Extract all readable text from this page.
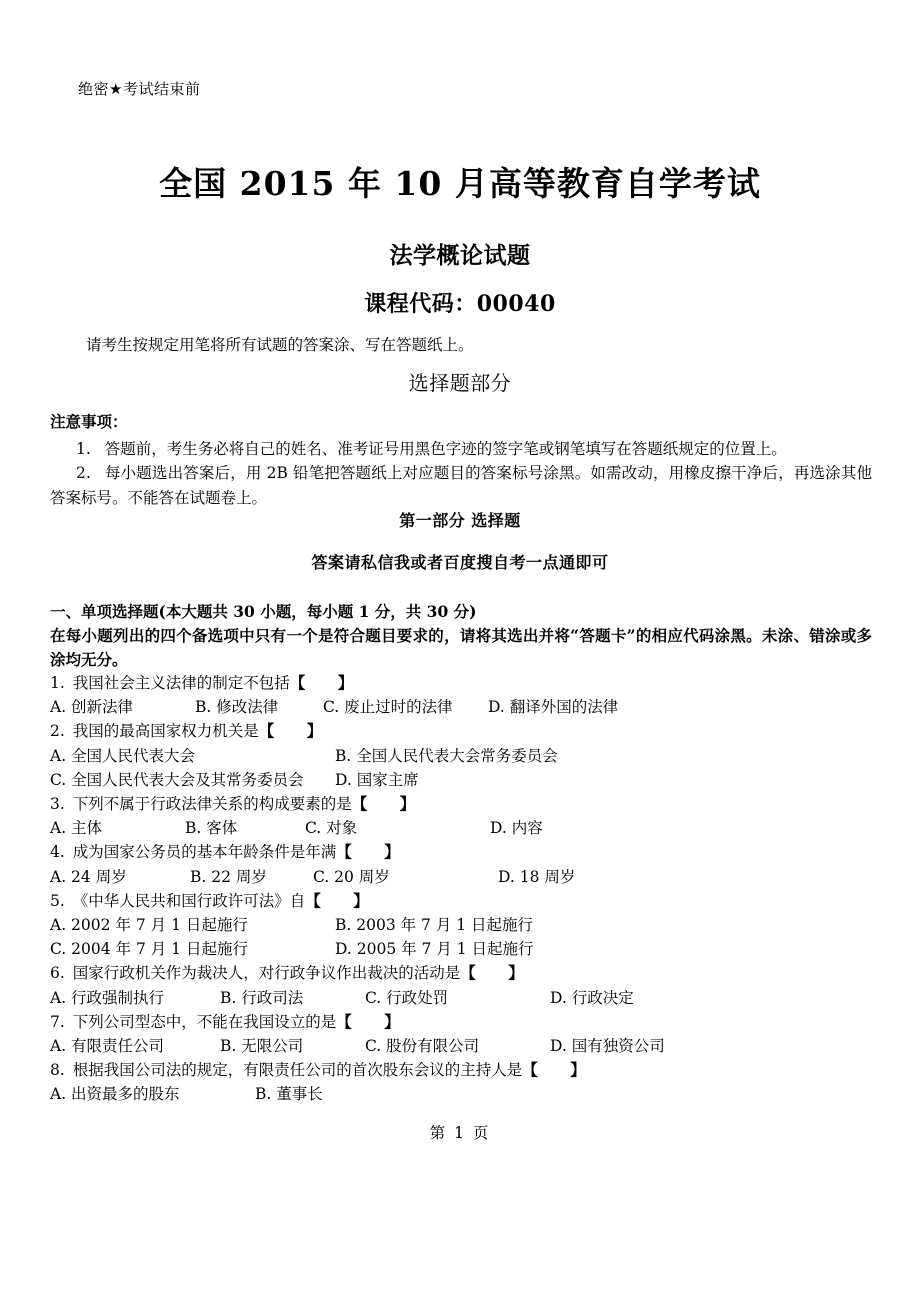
绝密★考试结束前
全国 2015 年 10 月高等教育自学考试
法学概论试题
课程代码：00040
请考生按规定用笔将所有试题的答案涂、写在答题纸上。
选择题部分
注意事项：
1. 答题前，考生务必将自己的姓名、准考证号用黑色字迹的签字笔或钢笔填写在答题纸规定的位置上。
2. 每小题选出答案后，用 2B 铅笔把答题纸上对应题目的答案标号涂黑。如需改动，用橡皮擦干净后，再选涂其他答案标号。不能答在试题卷上。
第一部分 选择题
答案请私信我或者百度搜自考一点通即可
一、单项选择题(本大题共 30 小题，每小题 1 分，共 30 分)
在每小题列出的四个备选项中只有一个是符合题目要求的，请将其选出并将“答题卡”的相应代码涂黑。未涂、错涂或多涂均无分。
1. 我国社会主义法律的制定不包括【　　】
A. 创新法律	B. 修改法律	C. 废止过时的法律 D. 翻译外国的法律
2. 我国的最高国家权力机关是【　　】
A. 全国人民代表大会	B. 全国人民代表大会常务委员会
C. 全国人民代表大会及其常务委员会 D. 国家主席
3. 下列不属于行政法律关系的构成要素的是【　　】
A. 主体	B. 客体	C. 对象	D. 内容
4. 成为国家公务员的基本年龄条件是年满【　　】
A. 24 周岁	B. 22 周岁	C. 20 周岁	D. 18 周岁
5. 《中华人民共和国行政许可法》自【　　】
A. 2002 年 7 月 1 日起施行	B. 2003 年 7 月 1 日起施行
C. 2004 年 7 月 1 日起施行	D. 2005 年 7 月 1 日起施行
6. 国家行政机关作为裁决人，对行政争议作出裁决的活动是【　　】
A. 行政强制执行	B. 行政司法	C. 行政处罚	D. 行政决定
7. 下列公司型态中，不能在我国设立的是【　　】
A. 有限责任公司	B. 无限公司	C. 股份有限公司	D. 国有独资公司
8. 根据我国公司法的规定，有限责任公司的首次股东会议的主持人是【　　】
A. 出资最多的股东	B. 董事长
第 1 页
